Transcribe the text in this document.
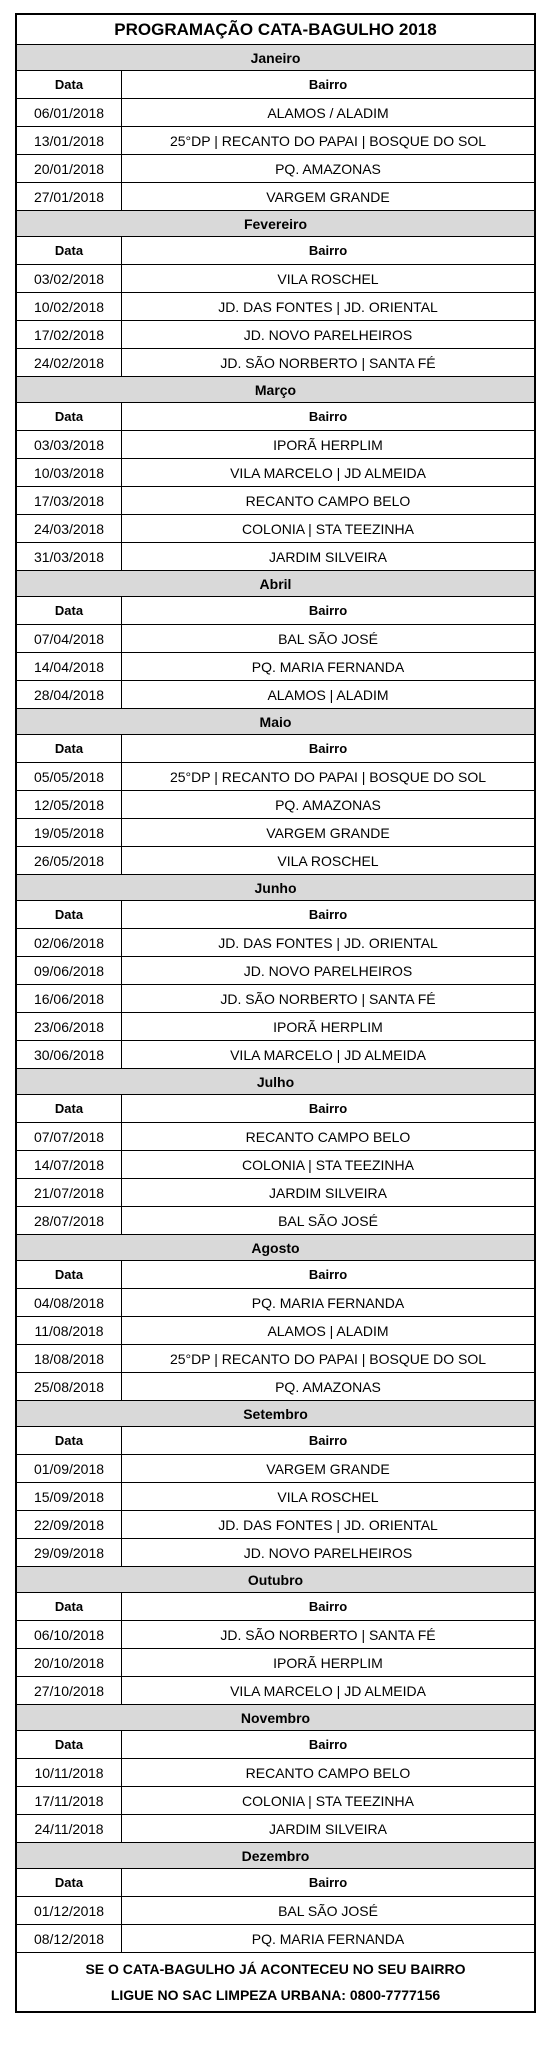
PROGRAMAÇÃO CATA-BAGULHO 2018
Janeiro
Data	Bairro
06/01/2018	ALAMOS / ALADIM
13/01/2018	25°DP | RECANTO DO PAPAI | BOSQUE DO SOL
20/01/2018	PQ. AMAZONAS
27/01/2018	VARGEM GRANDE
Fevereiro
Data	Bairro
03/02/2018	VILA ROSCHEL
10/02/2018	JD. DAS FONTES | JD. ORIENTAL
17/02/2018	JD. NOVO PARELHEIROS
24/02/2018	JD. SÃO NORBERTO | SANTA FÉ
Março
Data	Bairro
03/03/2018	IPORÃ HERPLIM
10/03/2018	VILA MARCELO | JD ALMEIDA
17/03/2018	RECANTO CAMPO BELO
24/03/2018	COLONIA | STA TEEZINHA
31/03/2018	JARDIM SILVEIRA
Abril
Data	Bairro
07/04/2018	BAL SÃO JOSÉ
14/04/2018	PQ. MARIA FERNANDA
28/04/2018	ALAMOS | ALADIM
Maio
Data	Bairro
05/05/2018	25°DP | RECANTO DO PAPAI | BOSQUE DO SOL
12/05/2018	PQ. AMAZONAS
19/05/2018	VARGEM GRANDE
26/05/2018	VILA ROSCHEL
Junho
Data	Bairro
02/06/2018	JD. DAS FONTES | JD. ORIENTAL
09/06/2018	JD. NOVO PARELHEIROS
16/06/2018	JD. SÃO NORBERTO | SANTA FÉ
23/06/2018	IPORÃ HERPLIM
30/06/2018	VILA MARCELO | JD ALMEIDA
Julho
Data	Bairro
07/07/2018	RECANTO CAMPO BELO
14/07/2018	COLONIA | STA TEEZINHA
21/07/2018	JARDIM SILVEIRA
28/07/2018	BAL SÃO JOSÉ
Agosto
Data	Bairro
04/08/2018	PQ. MARIA FERNANDA
11/08/2018	ALAMOS | ALADIM
18/08/2018	25°DP | RECANTO DO PAPAI | BOSQUE DO SOL
25/08/2018	PQ. AMAZONAS
Setembro
Data	Bairro
01/09/2018	VARGEM GRANDE
15/09/2018	VILA ROSCHEL
22/09/2018	JD. DAS FONTES | JD. ORIENTAL
29/09/2018	JD. NOVO PARELHEIROS
Outubro
Data	Bairro
06/10/2018	JD. SÃO NORBERTO | SANTA FÉ
20/10/2018	IPORÃ HERPLIM
27/10/2018	VILA MARCELO | JD ALMEIDA
Novembro
Data	Bairro
10/11/2018	RECANTO CAMPO BELO
17/11/2018	COLONIA | STA TEEZINHA
24/11/2018	JARDIM SILVEIRA
Dezembro
Data	Bairro
01/12/2018	BAL SÃO JOSÉ
08/12/2018	PQ. MARIA FERNANDA
SE O CATA-BAGULHO JÁ ACONTECEU NO SEU BAIRRO
LIGUE NO SAC LIMPEZA URBANA: 0800-7777156
